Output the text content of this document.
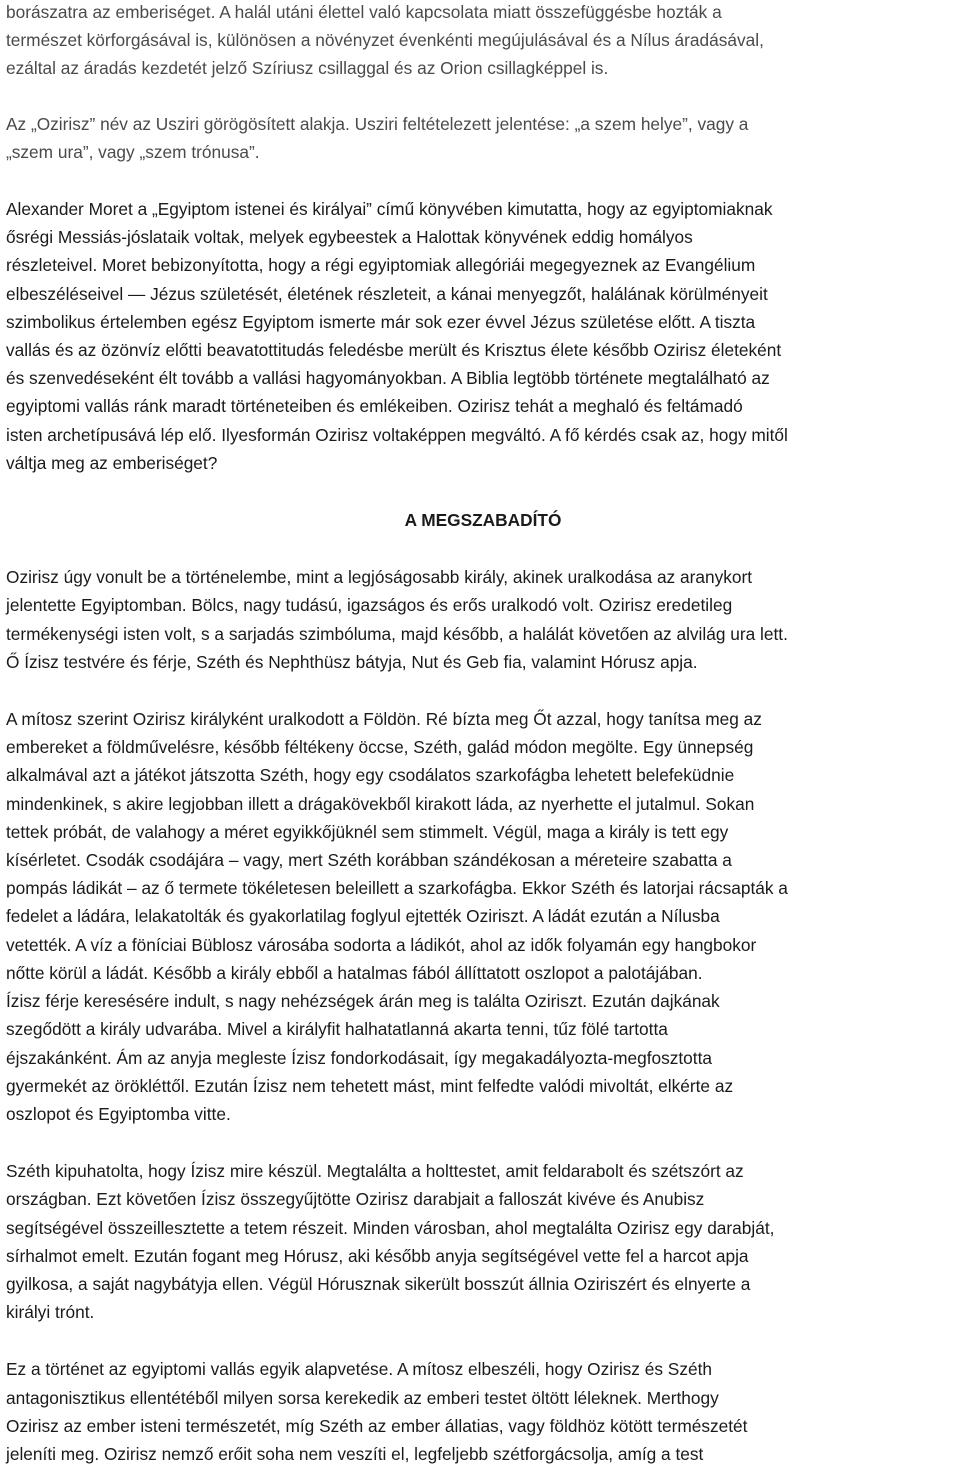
borászatra az emberiséget. A halál utáni élettel való kapcsolata miatt összefüggésbe hozták a
természet körforgásával is, különösen a növényzet évenkénti megújulásával és a Nílus áradásával,
ezáltal az áradás kezdetét jelző Szíriusz csillaggal és az Orion csillagképpel is.
Az „Ozirisz” név az Usziri görögösített alakja. Usziri feltételezett jelentése: „a szem helye”, vagy a
„szem ura”, vagy „szem trónusa”.
Alexander Moret a „Egyiptom istenei és királyai” című könyvében kimutatta, hogy az egyiptomiaknak
ősrégi Messiás-jóslataik voltak, melyek egybeestek a Halottak könyvének eddig homályos
részleteivel. Moret bebizonyította, hogy a régi egyiptomiak allegóriái megegyeznek az Evangélium
elbeszéléseivel — Jézus születését, életének részleteit, a kánai menyegzőt, halálának körülményeit
szimbolikus értelemben egész Egyiptom ismerte már sok ezer évvel Jézus születése előtt. A tiszta
vallás és az özönvíz előtti beavatottitudás feledésbe merült és Krisztus élete később Ozirisz életeként
és szenvedéseként élt tovább a vallási hagyományokban. A Biblia legtöbb története megtalálható az
egyiptomi vallás ránk maradt történeteiben és emlékeiben. Ozirisz tehát a meghaló és feltámadó
isten archetípusává lép elő. Ilyesformán Ozirisz voltaképpen megváltó. A fő kérdés csak az, hogy mitől
váltja meg az emberiséget?
A MEGSZABADÍTÓ
Ozirisz úgy vonult be a történelembe, mint a legjóságosabb király, akinek uralkodása az aranykort
jelentette Egyiptomban. Bölcs, nagy tudású, igazságos és erős uralkodó volt. Ozirisz eredetileg
termékenységi isten volt, s a sarjadás szimbóluma, majd később, a halálát követően az alvilág ura lett.
Ő Ízisz testvére és férje, Széth és Nephthüsz bátyja, Nut és Geb fia, valamint Hórusz apja.
A mítosz szerint Ozirisz királyként uralkodott a Földön. Ré bízta meg Őt azzal, hogy tanítsa meg az
embereket a földművelésre, később féltékeny öccse, Széth, galád módon megölte. Egy ünnepség
alkalmával azt a játékot játszotta Széth, hogy egy csodálatos szarkofágba lehetett belefeküdnie
mindenkinek, s akire legjobban illett a drágakövekből kirakott láda, az nyerhette el jutalmul. Sokan
tettek próbát, de valahogy a méret egyikkőjüknél sem stimmelt. Végül, maga a király is tett egy
kísérletet. Csodák csodájára – vagy, mert Széth korábban szándékosan a méreteire szabatta a
pompás ládikát – az ő termete tökéletesen beleillett a szarkofágba. Ekkor Széth és latorjai rácsapták a
fedelet a ládára, lelakatolták és gyakorlatilag foglyul ejtették Oziriszt. A ládát ezután a Nílusba
vetették. A víz a föníciai Büblosz városába sodorta a ládikót, ahol az idők folyamán egy hangbokor
nőtte körül a ládát. Később a király ebből a hatalmas fából állíttatott oszlopot a palotájában.
Ízisz férje keresésére indult, s nagy nehézségek árán meg is találta Oziriszt. Ezután dajkának
szegődött a király udvarába. Mivel a királyfit halhatatlanná akarta tenni, tűz fölé tartotta
éjszakánként. Ám az anyja megleste Ízisz fondorkodásait, így megakadályozta-megfosztotta
gyermekét az örökléttől. Ezután Ízisz nem tehetett mást, mint felfedte valódi mivoltát, elkérte az
oszlopot és Egyiptomba vitte.
Széth kipuhatolta, hogy Ízisz mire készül. Megtalálta a holttestet, amit feldarabolt és szétszórt az
országban. Ezt követően Ízisz összegyűjtötte Ozirisz darabjait a falloszát kivéve és Anubisz
segítségével összeillesztette a tetem részeit. Minden városban, ahol megtalálta Ozirisz egy darabját,
sírhalmot emelt. Ezután fogant meg Hórusz, aki később anyja segítségével vette fel a harcot apja
gyilkosa, a saját nagybátyja ellen. Végül Hórusznak sikerült bosszút állnia Oziriszért és elnyerte a
királyi trónt.
Ez a történet az egyiptomi vallás egyik alapvetése. A mítosz elbeszéli, hogy Ozirisz és Széth
antagonisztikus ellentétéből milyen sorsa kerekedik az emberi testet öltött léleknek. Merthogy
Ozirisz az ember isteni természetét, míg Széth az ember állatias, vagy földhöz kötött természetét
jeleníti meg. Ozirisz nemző erőit soha nem veszíti el, legfeljebb szétforgácsolja, amíg a test
